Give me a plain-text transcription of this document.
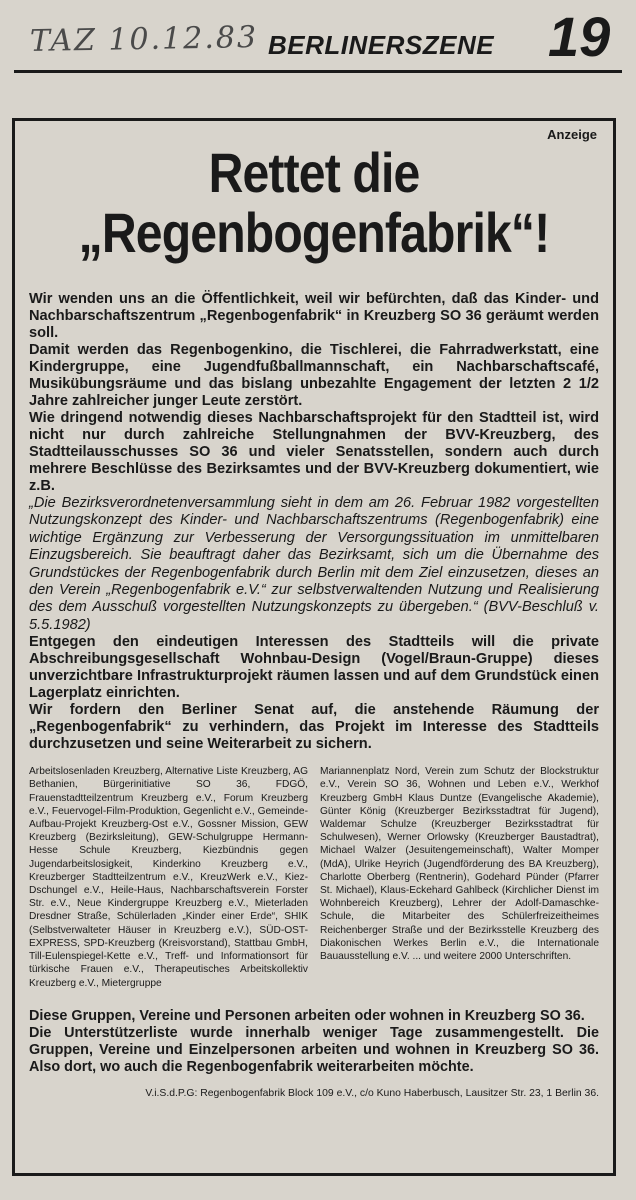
TAZ 10.12.83 BERLINERSZENE 19
Anzeige
Rettet die
„Regenbogenfabrik“!

Wir wenden uns an die Öffentlichkeit, weil wir befürchten, daß das Kinder- und Nachbarschaftszentrum „Regenbogenfabrik“ in Kreuzberg SO 36 geräumt werden soll.

Damit werden das Regenbogenkino, die Tischlerei, die Fahrradwerkstatt, eine Kindergruppe, eine Jugendfußballmannschaft, ein Nachbarschaftscafé, Musikübungsräume und das bislang unbezahlte Engagement der letzten 2 1/2 Jahre zahlreicher junger Leute zerstört.

Wie dringend notwendig dieses Nachbarschaftsprojekt für den Stadtteil ist, wird nicht nur durch zahlreiche Stellungnahmen der BVV-Kreuzberg, des Stadtteilausschusses SO 36 und vieler Senatsstellen, sondern auch durch mehrere Beschlüsse des Bezirksamtes und der BVV-Kreuzberg dokumentiert, wie z.B.

„Die Bezirksverordnetenversammlung sieht in dem am 26. Februar 1982 vorgestellten Nutzungskonzept des Kinder- und Nachbarschaftszentrums (Regenbogenfabrik) eine wichtige Ergänzung zur Verbesserung der Versorgungssituation im unmittelbaren Einzugsbereich. Sie beauftragt daher das Bezirksamt, sich um die Übernahme des Grundstückes der Regenbogenfabrik durch Berlin mit dem Ziel einzusetzen, dieses an den Verein „Regenbogenfabrik e.V.“ zur selbstverwaltenden Nutzung und Realisierung des dem Ausschuß vorgestellten Nutzungskonzepts zu übergeben.“ (BVV-Beschluß v. 5.5.1982)

Entgegen den eindeutigen Interessen des Stadtteils will die private Abschreibungsgesellschaft Wohnbau-Design (Vogel/Braun-Gruppe) dieses unverzichtbare Infrastrukturprojekt räumen lassen und auf dem Grundstück einen Lagerplatz einrichten.

Wir fordern den Berliner Senat auf, die anstehende Räumung der „Regenbogenfabrik“ zu verhindern, das Projekt im Interesse des Stadtteils durchzusetzen und seine Weiterarbeit zu sichern.

Arbeitslosenladen Kreuzberg, Alternative Liste Kreuzberg, AG Bethanien, Bürgerinitiative SO 36, FDGÖ, Frauenstadtteilzentrum Kreuzberg e.V., Forum Kreuzberg e.V., Feuervogel-Film-Produktion, Gegenlicht e.V., Gemeinde-Aufbau-Projekt Kreuzberg-Ost e.V., Gossner Mission, GEW Kreuzberg (Bezirksleitung), GEW-Schulgruppe Hermann-Hesse Schule Kreuzberg, Kiezbündnis gegen Jugendarbeitslosigkeit, Kinderkino Kreuzberg e.V., Kreuzberger Stadtteilzentrum e.V., KreuzWerk e.V., Kiez-Dschungel e.V., Heile-Haus, Nachbarschaftsverein Forster Str. e.V., Neue Kindergruppe Kreuzberg e.V., Mieterladen Dresdner Straße, Schülerladen „Kinder einer Erde“, SHIK (Selbstverwalteter Häuser in Kreuzberg e.V.), SÜD-OST-EXPRESS, SPD-Kreuzberg (Kreisvorstand), Stattbau GmbH, Till-Eulenspiegel-Kette e.V., Treff- und Informationsort für türkische Frauen e.V., Therapeutisches Arbeitskollektiv Kreuzberg e.V., Mietergruppe
Mariannenplatz Nord, Verein zum Schutz der Blockstruktur e.V., Verein SO 36, Wohnen und Leben e.V., Werkhof Kreuzberg GmbH Klaus Duntze (Evangelische Akademie), Günter König (Kreuzberger Bezirksstadtrat für Jugend), Waldemar Schulze (Kreuzberger Bezirksstadtrat für Schulwesen), Werner Orlowsky (Kreuzberger Baustadtrat), Michael Walzer (Jesuitengemeinschaft), Walter Momper (MdA), Ulrike Heyrich (Jugendförderung des BA Kreuzberg), Charlotte Oberberg (Rentnerin), Godehard Pünder (Pfarrer St. Michael), Klaus-Eckehard Gahlbeck (Kirchlicher Dienst im Wohnbereich Kreuzberg), Lehrer der Adolf-Damaschke-Schule, die Mitarbeiter des Schülerfreizeitheimes Reichenberger Straße und der Bezirksstelle Kreuzberg des Diakonischen Werkes Berlin e.V., die Internationale Bauausstellung e.V. ... und weitere 2000 Unterschriften.

Diese Gruppen, Vereine und Personen arbeiten oder wohnen in Kreuzberg SO 36.

Die Unterstützerliste wurde innerhalb weniger Tage zusammengestellt. Die Gruppen, Vereine und Einzelpersonen arbeiten und wohnen in Kreuzberg SO 36. Also dort, wo auch die Regenbogenfabrik weiterarbeiten möchte.

V.i.S.d.P.G: Regenbogenfabrik Block 109 e.V., c/o Kuno Haberbusch, Lausitzer Str. 23, 1 Berlin 36.
